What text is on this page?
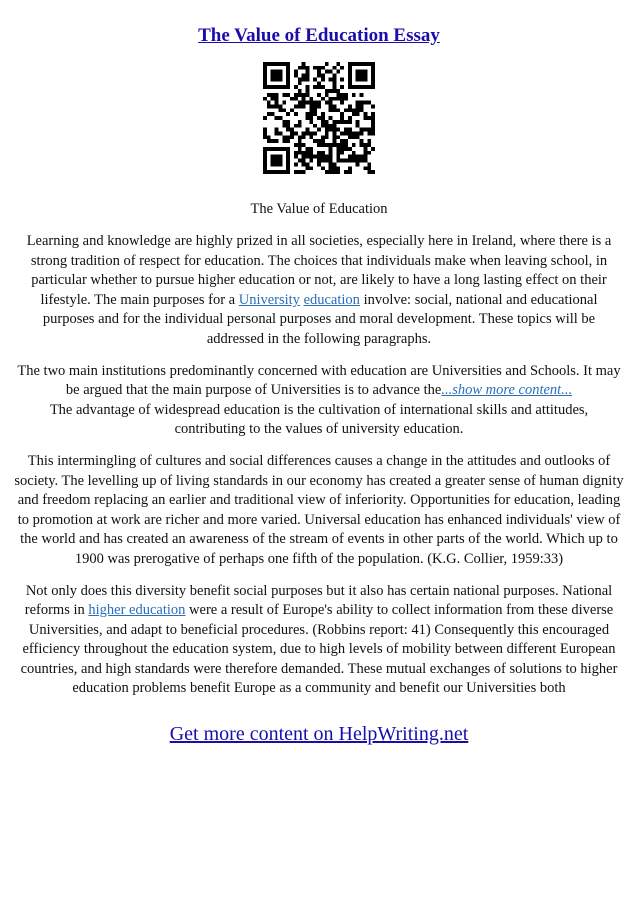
The Value of Education Essay
The Value of Education

Learning and knowledge are highly prized in all societies, especially here in Ireland, where there is a strong tradition of respect for education. The choices that individuals make when leaving school, in particular whether to pursue higher education or not, are likely to have a long lasting effect on their lifestyle. The main purposes for a University education involve: social, national and educational purposes and for the individual personal purposes and moral development. These topics will be addressed in the following paragraphs.

The two main institutions predominantly concerned with education are Universities and Schools. It may be argued that the main purpose of Universities is to advance the...show more content...
The advantage of widespread education is the cultivation of international skills and attitudes, contributing to the values of university education.

This intermingling of cultures and social differences causes a change in the attitudes and outlooks of society. The levelling up of living standards in our economy has created a greater sense of human dignity and freedom replacing an earlier and traditional view of inferiority. Opportunities for education, leading to promotion at work are richer and more varied. Universal education has enhanced individuals' view of the world and has created an awareness of the stream of events in other parts of the world. Which up to 1900 was prerogative of perhaps one fifth of the population. (K.G. Collier, 1959:33)

Not only does this diversity benefit social purposes but it also has certain national purposes. National reforms in higher education were a result of Europe's ability to collect information from these diverse Universities, and adapt to beneficial procedures. (Robbins report: 41) Consequently this encouraged efficiency throughout the education system, due to high levels of mobility between different European countries, and high standards were therefore demanded. These mutual exchanges of solutions to higher education problems benefit Europe as a community and benefit our Universities both

Get more content on HelpWriting.net
